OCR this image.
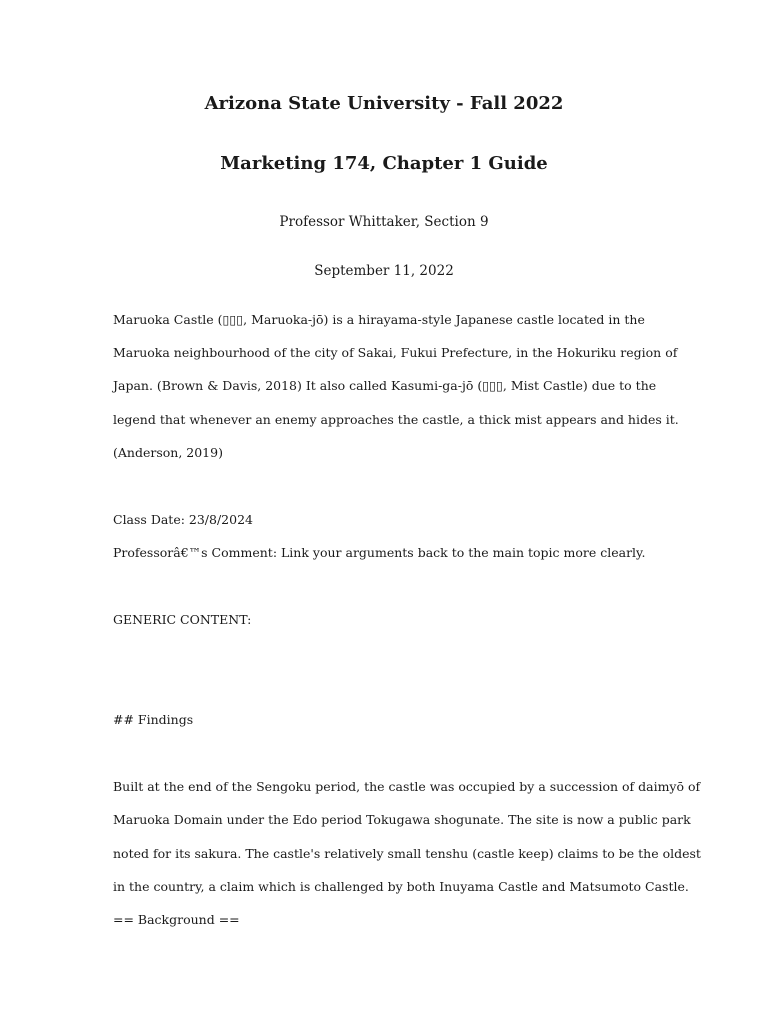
Arizona State University - Fall 2022
Marketing 174, Chapter 1 Guide

Professor Whittaker, Section 9

September 11, 2022

Maruoka Castle (▯▯▯, Maruoka-jō) is a hirayama-style Japanese castle located in the

Maruoka neighbourhood of the city of Sakai, Fukui Prefecture, in the Hokuriku region of

Japan. (Brown & Davis, 2018) It also called Kasumi-ga-jō (▯▯▯, Mist Castle) due to the

legend that whenever an enemy approaches the castle, a thick mist appears and hides it.

(Anderson, 2019)

Class Date: 23/8/2024

Professorâ€™s Comment: Link your arguments back to the main topic more clearly.

GENERIC CONTENT:

## Findings

Built at the end of the Sengoku period, the castle was occupied by a succession of daimyō of

Maruoka Domain under the Edo period Tokugawa shogunate. The site is now a public park

noted for its sakura. The castle's relatively small tenshu (castle keep) claims to be the oldest

in the country, a claim which is challenged by both Inuyama Castle and Matsumoto Castle.

== Background ==
